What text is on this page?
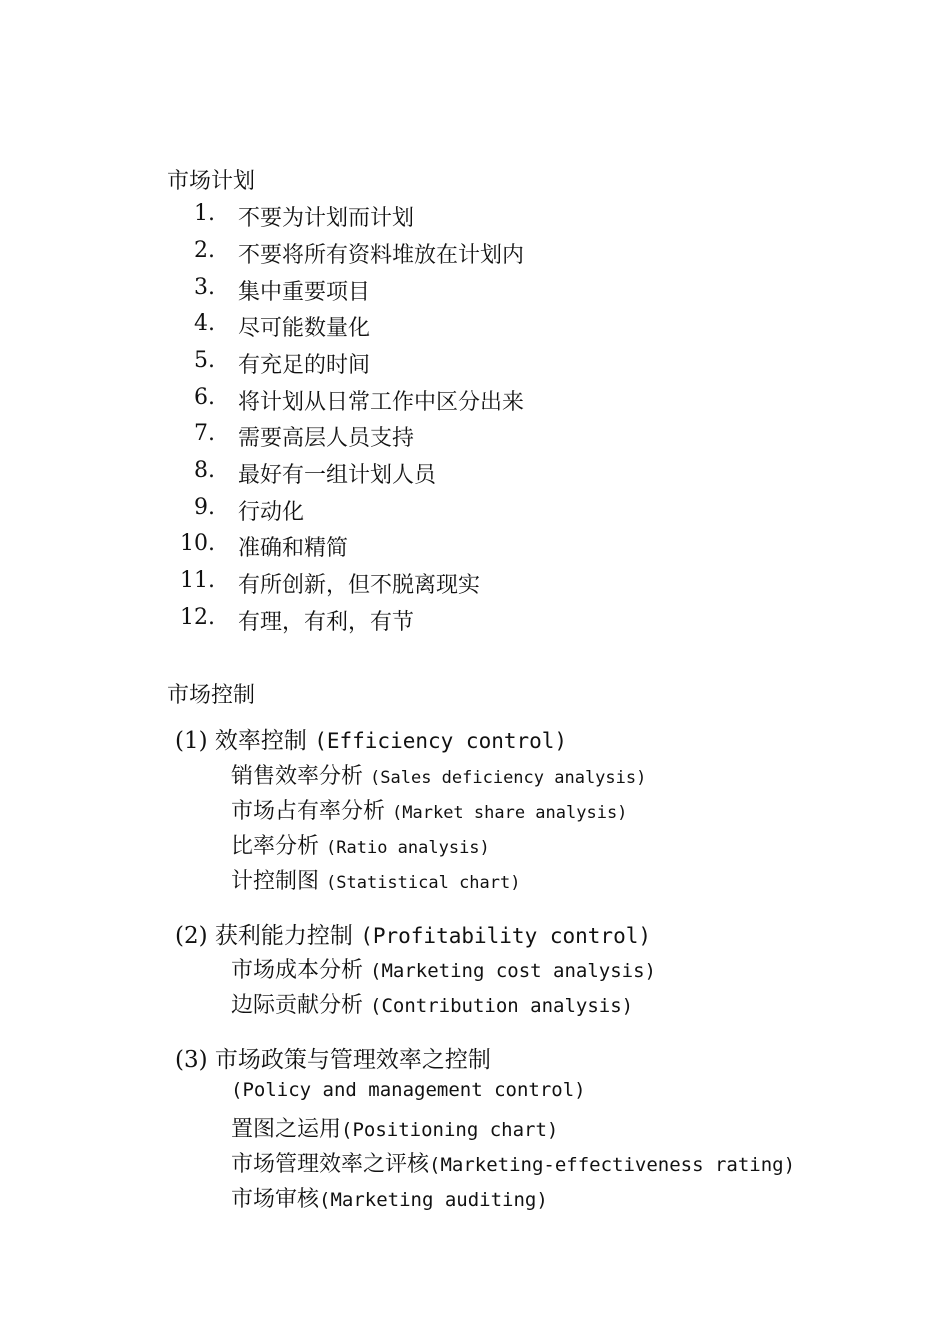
市场计划
1. 不要为计划而计划
2. 不要将所有资料堆放在计划内
3. 集中重要项目
4. 尽可能数量化
5. 有充足的时间
6. 将计划从日常工作中区分出来
7. 需要高层人员支持
8. 最好有一组计划人员
9. 行动化
10. 准确和精简
11. 有所创新，但不脱离现实
12. 有理，有利，有节
市场控制
(1) 效率控制 (Efficiency control)
销售效率分析 (Sales deficiency analysis)
市场占有率分析 (Market share analysis)
比率分析 (Ratio analysis)
计控制图 (Statistical chart)
(2) 获利能力控制 (Profitability control)
市场成本分析 (Marketing cost analysis)
边际贡献分析 (Contribution analysis)
(3) 市场政策与管理效率之控制
(Policy and management control)
置图之运用(Positioning chart)
市场管理效率之评核(Marketing-effectiveness rating)
市场审核(Marketing auditing)
